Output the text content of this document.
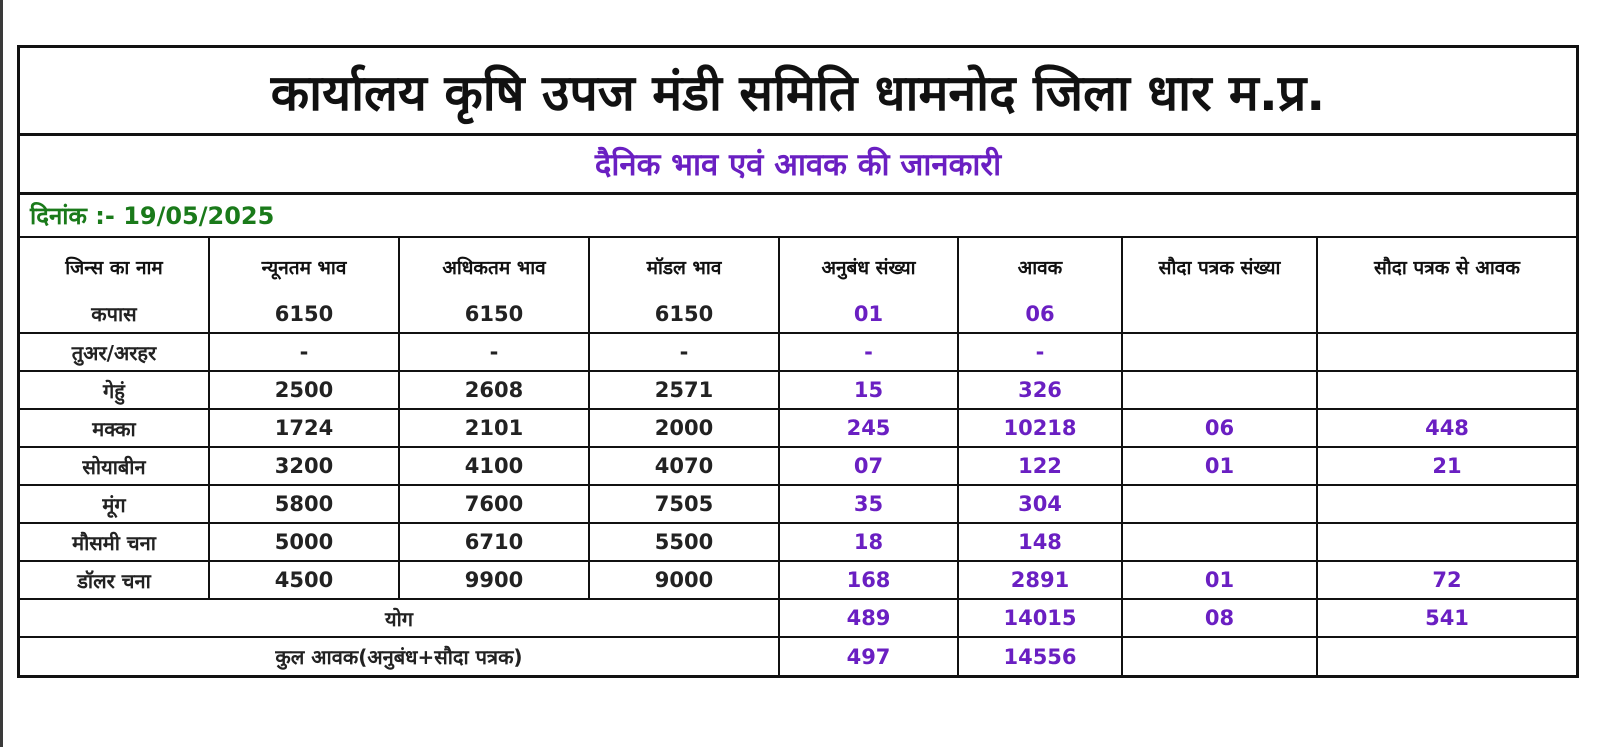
कार्यालय कृषि उपज मंडी समिति धामनोद जिला धार म.प्र.
दैनिक भाव एवं आवक की जानकारी
दिनांक :- 19/05/2025
जिन्स का नाम	न्यूनतम भाव	अधिकतम भाव	मॉडल भाव	अनुबंध संख्या	आवक	सौदा पत्रक संख्या	सौदा पत्रक से आवक
कपास	6150	6150	6150	01	06		
तुअर/अरहर	-	-	-	-	-		
गेहुं	2500	2608	2571	15	326		
मक्का	1724	2101	2000	245	10218	06	448
सोयाबीन	3200	4100	4070	07	122	01	21
मूंग	5800	7600	7505	35	304		
मौसमी चना	5000	6710	5500	18	148		
डॉलर चना	4500	9900	9000	168	2891	01	72
योग				489	14015	08	541
कुल आवक(अनुबंध+सौदा पत्रक)				497	14556		
